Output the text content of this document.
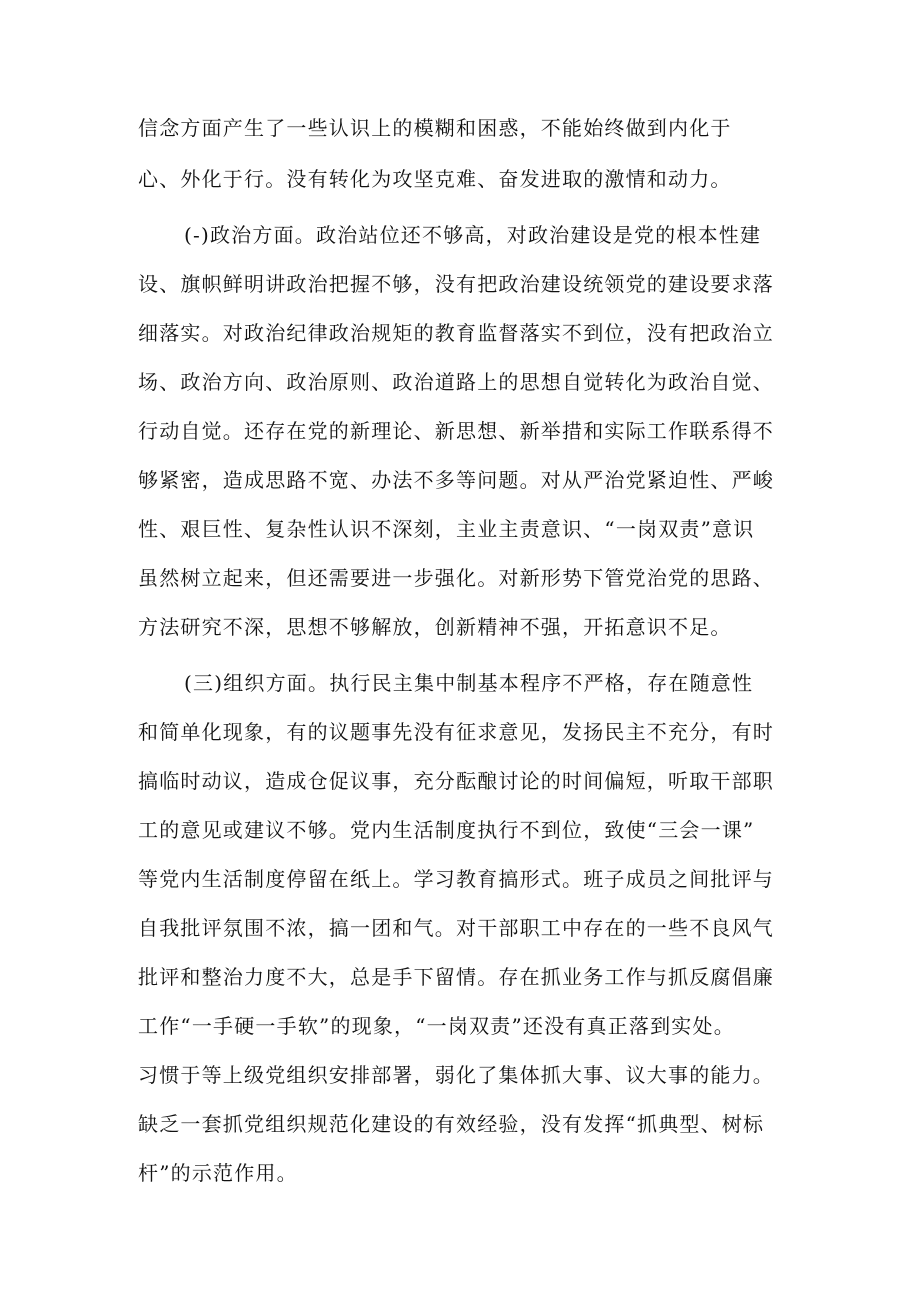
信念方面产生了一些认识上的模糊和困惑，不能始终做到内化于

心、外化于行。没有转化为攻坚克难、奋发进取的激情和动力。

(-)政治方面。政治站位还不够高，对政治建设是党的根本性建

设、旗帜鲜明讲政治把握不够，没有把政治建设统领党的建设要求落

细落实。对政治纪律政治规矩的教育监督落实不到位，没有把政治立

场、政治方向、政治原则、政治道路上的思想自觉转化为政治自觉、

行动自觉。还存在党的新理论、新思想、新举措和实际工作联系得不

够紧密，造成思路不宽、办法不多等问题。对从严治党紧迫性、严峻

性、艰巨性、复杂性认识不深刻，主业主责意识、“一岗双责”意识

虽然树立起来，但还需要进一步强化。对新形势下管党治党的思路、

方法研究不深，思想不够解放，创新精神不强，开拓意识不足。

(三)组织方面。执行民主集中制基本程序不严格，存在随意性

和简单化现象，有的议题事先没有征求意见，发扬民主不充分，有时

搞临时动议，造成仓促议事，充分酝酿讨论的时间偏短，听取干部职

工的意见或建议不够。党内生活制度执行不到位，致使“三会一课”

等党内生活制度停留在纸上。学习教育搞形式。班子成员之间批评与

自我批评氛围不浓，搞一团和气。对干部职工中存在的一些不良风气

批评和整治力度不大，总是手下留情。存在抓业务工作与抓反腐倡廉

工作“一手硬一手软”的现象，“一岗双责”还没有真正落到实处。

习惯于等上级党组织安排部署，弱化了集体抓大事、议大事的能力。

缺乏一套抓党组织规范化建设的有效经验，没有发挥“抓典型、树标

杆”的示范作用。
